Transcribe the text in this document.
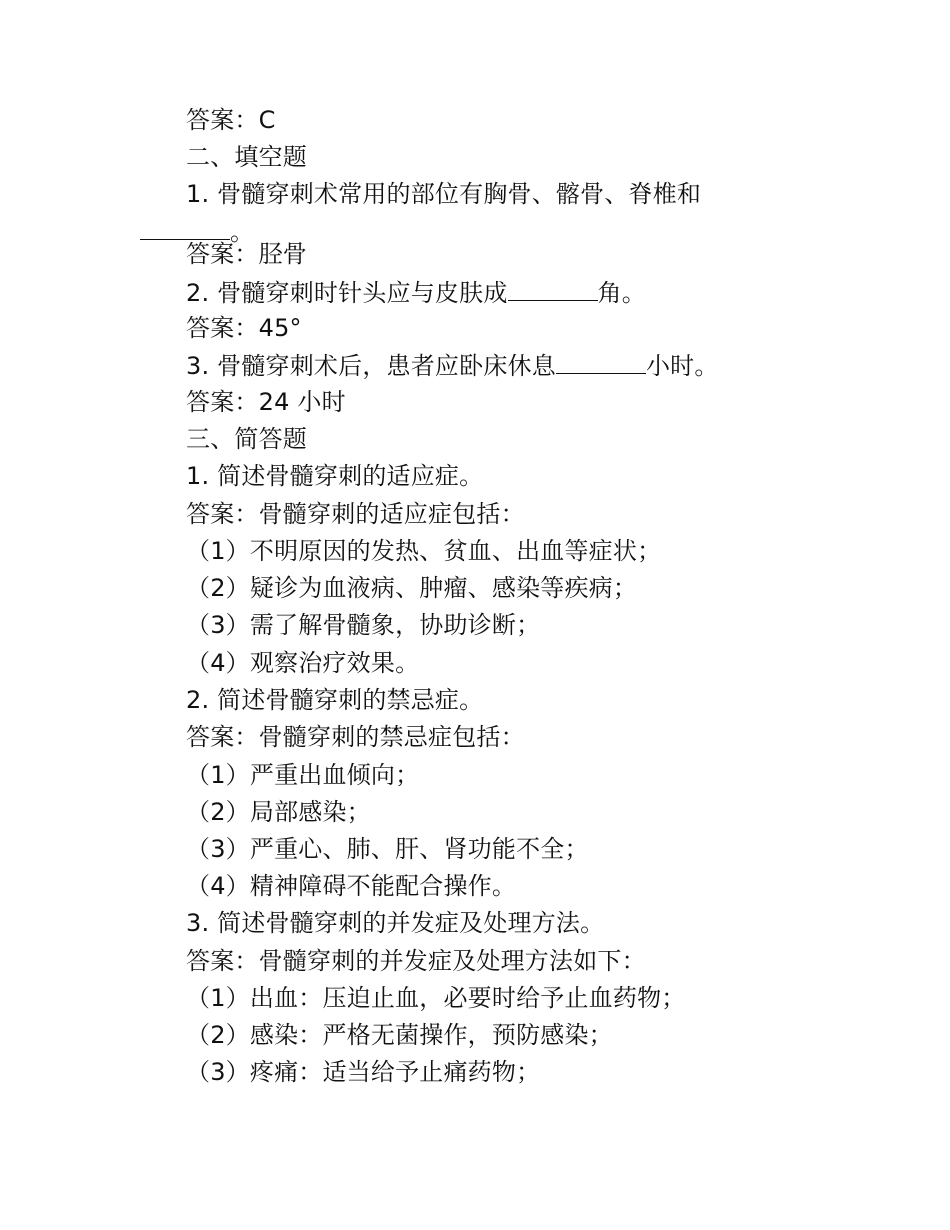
答案：C
二、填空题
1. 骨髓穿刺术常用的部位有胸骨、髂骨、脊椎和
。
答案：胫骨
2. 骨髓穿刺时针头应与皮肤成	角。
答案：45°
3. 骨髓穿刺术后，患者应卧床休息	小时。
答案：24 小时
三、简答题
1. 简述骨髓穿刺的适应症。
答案：骨髓穿刺的适应症包括：
（1）不明原因的发热、贫血、出血等症状；
（2）疑诊为血液病、肿瘤、感染等疾病；
（3）需了解骨髓象，协助诊断；
（4）观察治疗效果。
2. 简述骨髓穿刺的禁忌症。
答案：骨髓穿刺的禁忌症包括：
（1）严重出血倾向；
（2）局部感染；
（3）严重心、肺、肝、肾功能不全；
（4）精神障碍不能配合操作。
3. 简述骨髓穿刺的并发症及处理方法。
答案：骨髓穿刺的并发症及处理方法如下：
（1）出血：压迫止血，必要时给予止血药物；
（2）感染：严格无菌操作，预防感染；
（3）疼痛：适当给予止痛药物；
